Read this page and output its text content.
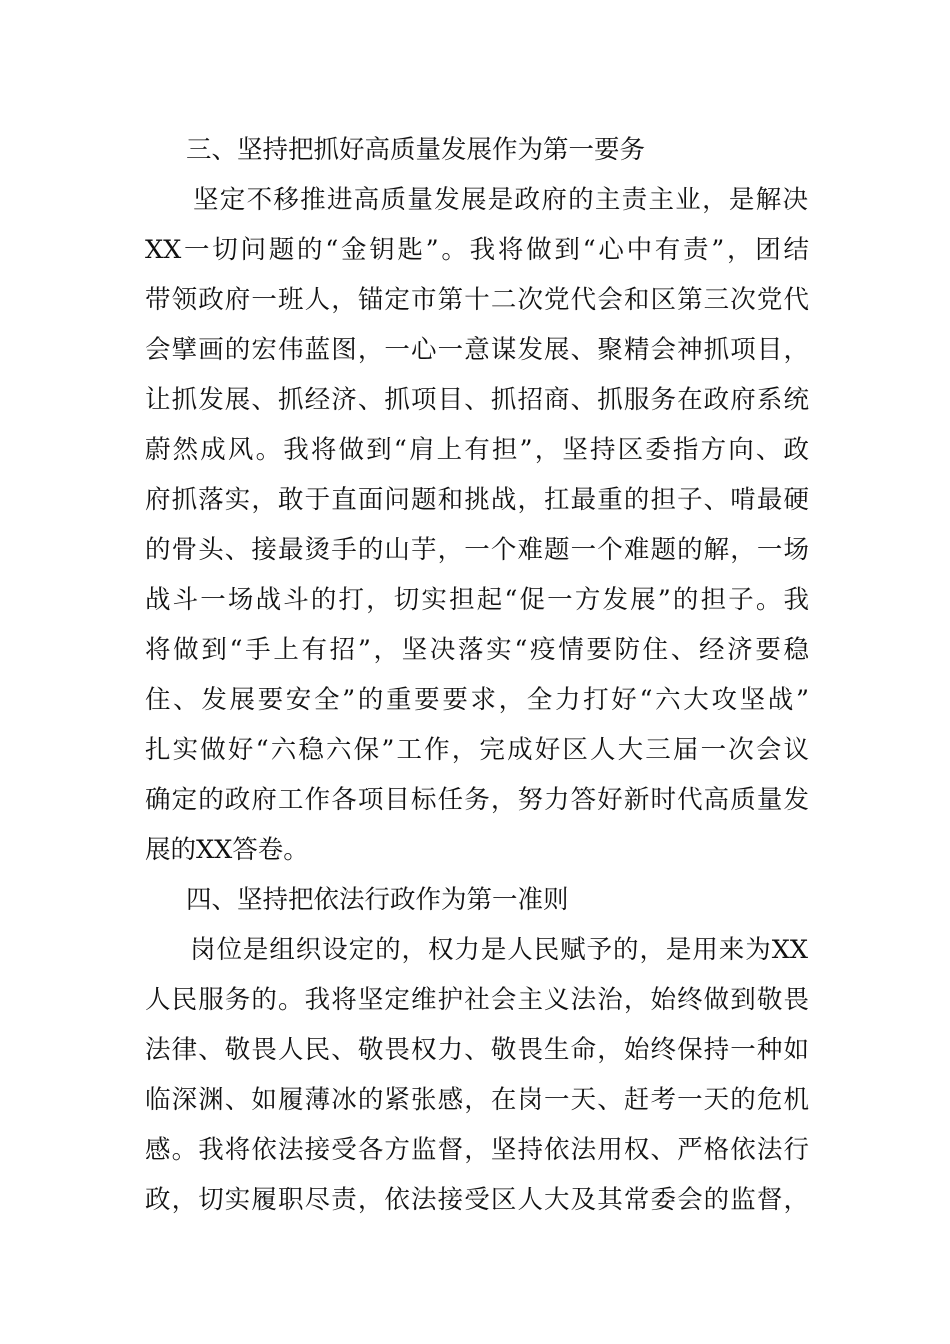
三、坚持把抓好高质量发展作为第一要务
坚定不移推进高质量发展是政府的主责主业，是解决
XX一切问题的“金钥匙”。我将做到“心中有责”，团结
带领政府一班人，锚定市第十二次党代会和区第三次党代
会擘画的宏伟蓝图，一心一意谋发展、聚精会神抓项目，
让抓发展、抓经济、抓项目、抓招商、抓服务在政府系统
蔚然成风。我将做到“肩上有担”，坚持区委指方向、政
府抓落实，敢于直面问题和挑战，扛最重的担子、啃最硬
的骨头、接最烫手的山芋，一个难题一个难题的解，一场
战斗一场战斗的打，切实担起“促一方发展”的担子。我
将做到“手上有招”，坚决落实“疫情要防住、经济要稳
住、发展要安全”的重要要求，全力打好“六大攻坚战”
扎实做好“六稳六保”工作，完成好区人大三届一次会议
确定的政府工作各项目标任务，努力答好新时代高质量发
展的XX答卷。
四、坚持把依法行政作为第一准则
岗位是组织设定的，权力是人民赋予的，是用来为XX
人民服务的。我将坚定维护社会主义法治，始终做到敬畏
法律、敬畏人民、敬畏权力、敬畏生命，始终保持一种如
临深渊、如履薄冰的紧张感，在岗一天、赶考一天的危机
感。我将依法接受各方监督，坚持依法用权、严格依法行
政，切实履职尽责，依法接受区人大及其常委会的监督，
